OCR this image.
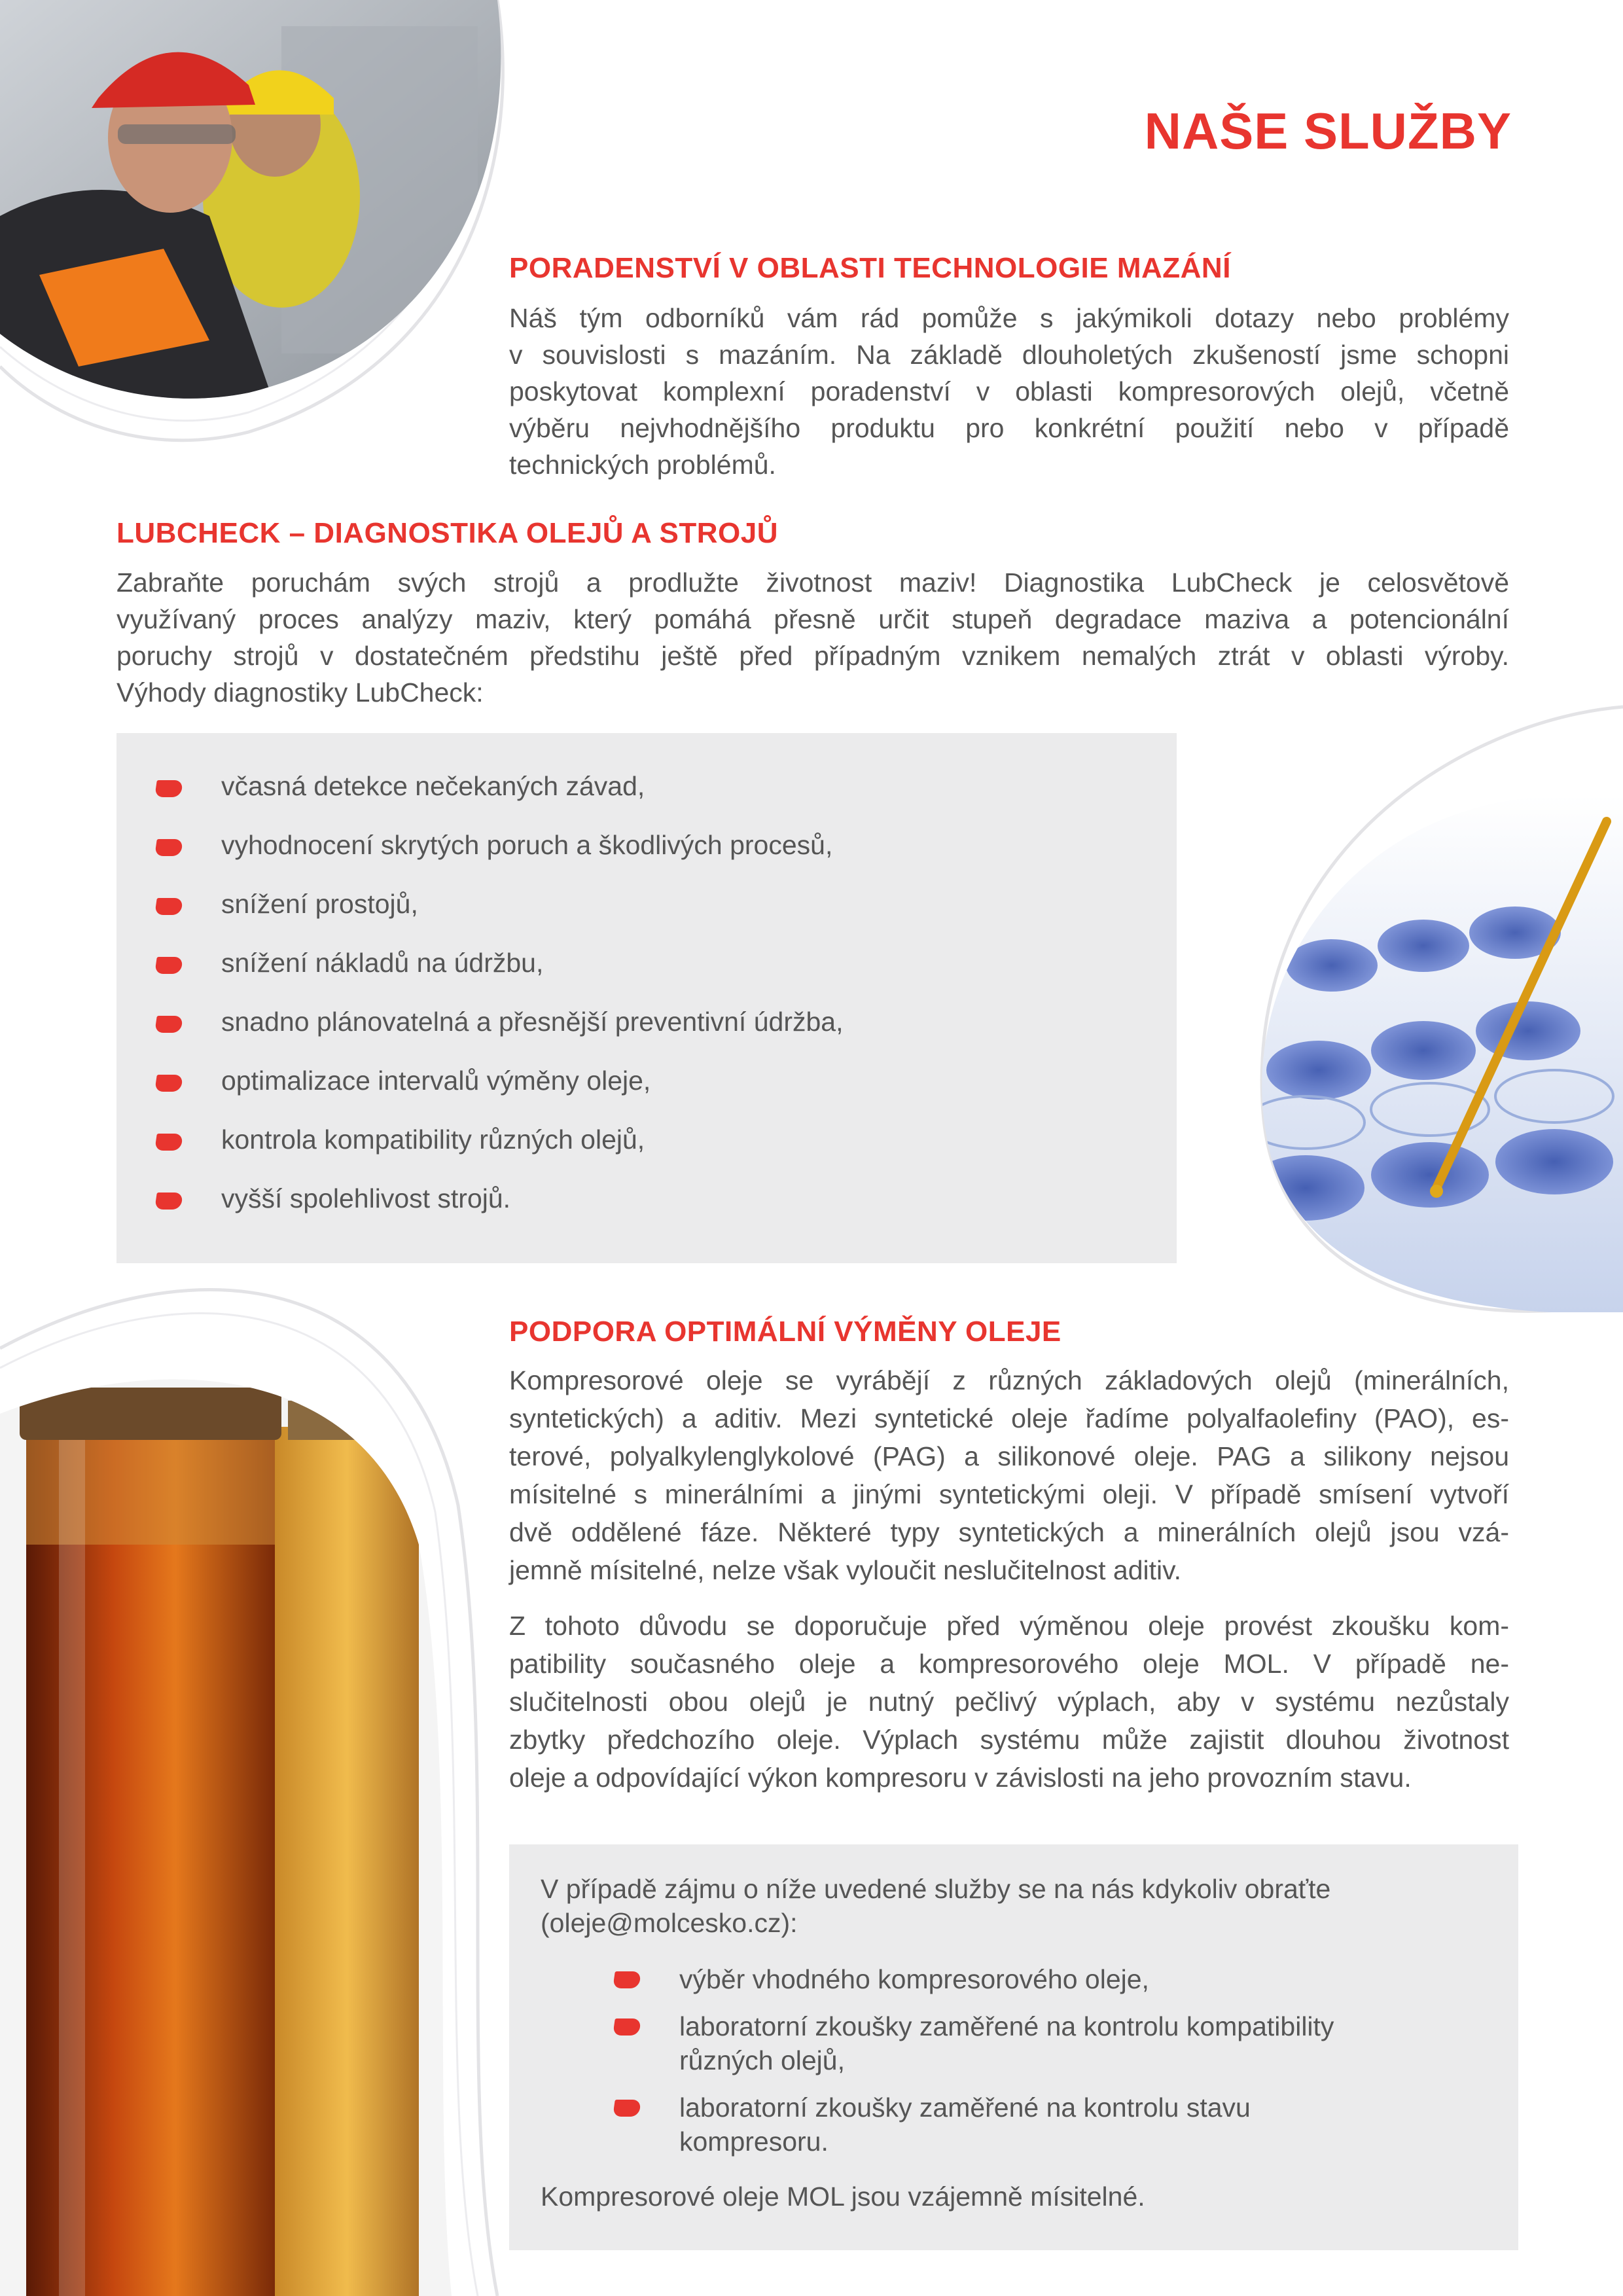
NAŠE SLUŽBY
PORADENSTVÍ V OBLASTI TECHNOLOGIE MAZÁNÍ
Náš tým odborníků vám rád pomůže s jakýmikoli dotazy nebo problémy
v souvislosti s mazáním. Na základě dlouholetých zkušeností jsme schopni
poskytovat komplexní poradenství v oblasti kompresorových olejů, včetně
výběru nejvhodnějšího produktu pro konkrétní použití nebo v případě
technických problémů.
LUBCHECK – DIAGNOSTIKA OLEJŮ A STROJŮ
Zabraňte poruchám svých strojů a prodlužte životnost maziv! Diagnostika LubCheck je celosvětově
využívaný proces analýzy maziv, který pomáhá přesně určit stupeň degradace maziva a potencionální
poruchy strojů v dostatečném předstihu ještě před případným vznikem nemalých ztrát v oblasti výroby.
Výhody diagnostiky LubCheck:
včasná detekce nečekaných závad,
vyhodnocení skrytých poruch a škodlivých procesů,
snížení prostojů,
snížení nákladů na údržbu,
snadno plánovatelná a přesnější preventivní údržba,
optimalizace intervalů výměny oleje,
kontrola kompatibility různých olejů,
vyšší spolehlivost strojů.
PODPORA OPTIMÁLNÍ VÝMĚNY OLEJE
Kompresorové oleje se vyrábějí z různých základových olejů (minerálních,
syntetických) a aditiv. Mezi syntetické oleje řadíme polyalfaolefiny (PAO), es-
terové, polyalkylenglykolové (PAG) a silikonové oleje. PAG a silikony nejsou
mísitelné s minerálními a jinými syntetickými oleji. V případě smísení vytvoří
dvě oddělené fáze. Některé typy syntetických a minerálních olejů jsou vzá-
jemně mísitelné, nelze však vyloučit neslučitelnost aditiv.
Z tohoto důvodu se doporučuje před výměnou oleje provést zkoušku kom-
patibility současného oleje a kompresorového oleje MOL. V případě ne-
slučitelnosti obou olejů je nutný pečlivý výplach, aby v systému nezůstaly
zbytky předchozího oleje. Výplach systému může zajistit dlouhou životnost
oleje a odpovídající výkon kompresoru v závislosti na jeho provozním stavu.
V případě zájmu o níže uvedené služby se na nás kdykoliv obraťte
(oleje@molcesko.cz):
výběr vhodného kompresorového oleje,
laboratorní zkoušky zaměřené na kontrolu kompatibility
různých olejů,
laboratorní zkoušky zaměřené na kontrolu stavu
kompresoru.
Kompresorové oleje MOL jsou vzájemně mísitelné.
